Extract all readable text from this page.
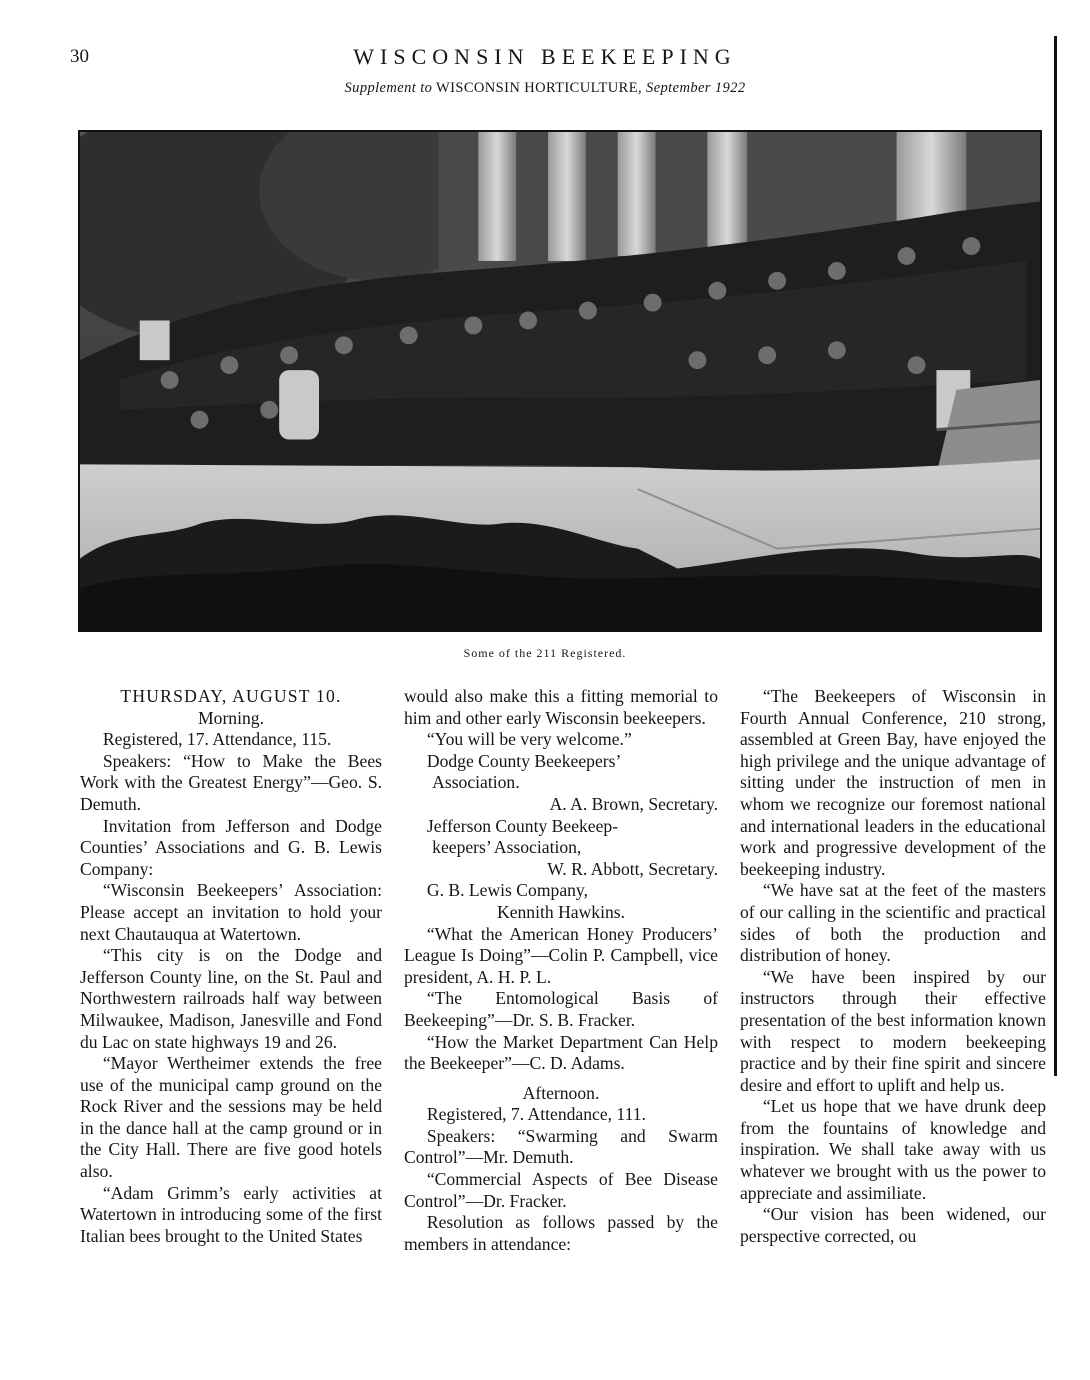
30	WISCONSIN BEEKEEPING
Supplement to WISCONSIN HORTICULTURE, September 1922
Some of the 211 Registered.

THURSDAY, AUGUST 10.

Morning.

Registered, 17. Attendance, 115.

Speakers: “How to Make the Bees Work with the Greatest Energy”—Geo. S. Demuth.

Invitation from Jefferson and Dodge Counties’ Associations and G. B. Lewis Company:

“Wisconsin Beekeepers’ Association: Please accept an invitation to hold your next Chautauqua at Watertown.

“This city is on the Dodge and Jefferson County line, on the St. Paul and Northwestern railroads half way between Milwaukee, Madison, Janesville and Fond du Lac on state highways 19 and 26.

“Mayor Wertheimer extends the free use of the municipal camp ground on the Rock River and the sessions may be held in the dance hall at the camp ground or in the City Hall. There are five good hotels also.

“Adam Grimm’s early activities at Watertown in introducing some of the first Italian bees brought to the United States

would also make this a fitting memorial to him and other early Wisconsin beekeepers.

“You will be very welcome.”

Dodge County Beekeepers’

Association.

A. A. Brown, Secretary.

Jefferson County Beekeep-

keepers’ Association,

W. R. Abbott, Secretary.

G. B. Lewis Company,

Kennith Hawkins.

“What the American Honey Producers’ League Is Doing”—Colin P. Campbell, vice president, A. H. P. L.

“The Entomological Basis of Beekeeping”—Dr. S. B. Fracker.

“How the Market Department Can Help the Beekeeper”—C. D. Adams.

Afternoon.

Registered, 7. Attendance, 111.

Speakers: “Swarming and Swarm Control”—Mr. Demuth.

“Commercial Aspects of Bee Disease Control”—Dr. Fracker.

Resolution as follows passed by the members in attendance:

“The Beekeepers of Wisconsin in Fourth Annual Conference, 210 strong, assembled at Green Bay, have enjoyed the high privilege and the unique advantage of sitting under the instruction of men in whom we recognize our foremost national and international leaders in the educational work and progressive development of the beekeeping industry.

“We have sat at the feet of the masters of our calling in the scientific and practical sides of both the production and distribution of honey.

“We have been inspired by our instructors through their effective presentation of the best information known with respect to modern beekeeping practice and by their fine spirit and sincere desire and effort to uplift and help us.

“Let us hope that we have drunk deep from the fountains of knowledge and inspiration. We shall take away with us whatever we brought with us the power to appreciate and assimiliate.

“Our vision has been widened, our perspective corrected, ou
